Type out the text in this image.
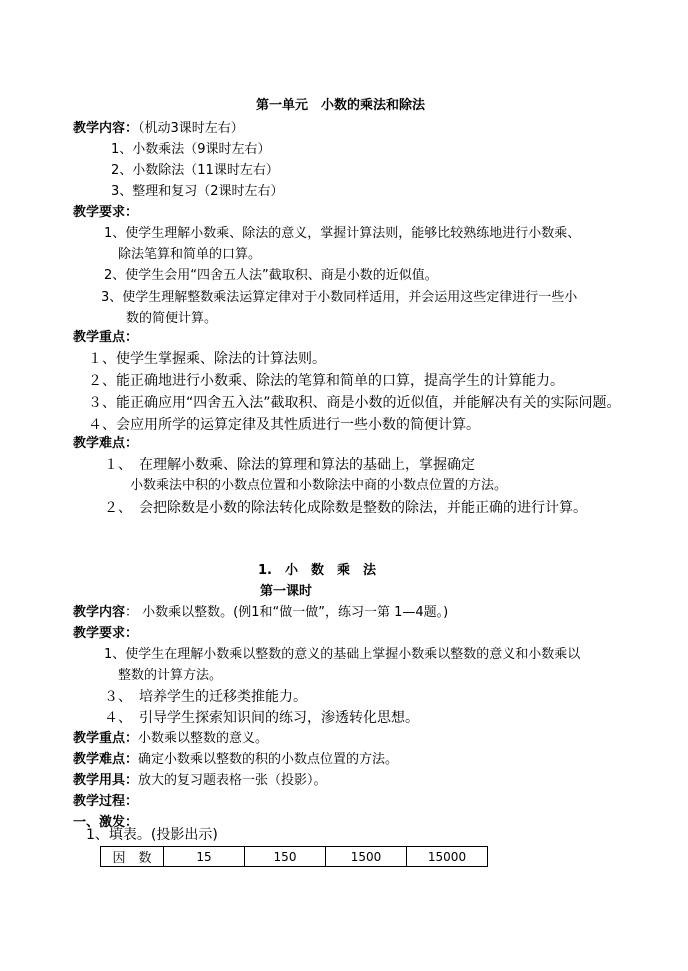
第一单元　小数的乘法和除法
教学内容：（机动3课时左右）
1、小数乘法（9课时左右）
2、小数除法（11课时左右）
3、整理和复习（2课时左右）
教学要求：
1、使学生理解小数乘、除法的意义，掌握计算法则，能够比较熟练地进行小数乘、
除法笔算和简单的口算。
2、使学生会用“四舍五人法”截取积、商是小数的近似值。
3、使学生理解整数乘法运算定律对于小数同样适用，并会运用这些定律进行一些小
数的简便计算。
教学重点：
１、使学生掌握乘、除法的计算法则。
２、能正确地进行小数乘、除法的笔算和简单的口算，提高学生的计算能力。
３、能正确应用“四舍五入法”截取积、商是小数的近似值，并能解决有关的实际问题。
４、会应用所学的运算定律及其性质进行一些小数的简便计算。
教学难点：
１、　在理解小数乘、除法的算理和算法的基础上，掌握确定
小数乘法中积的小数点位置和小数除法中商的小数点位置的方法。
２、　会把除数是小数的除法转化成除数是整数的除法，并能正确的进行计算。
1.　小　数　乘　法
第一课时
教学内容： 小数乘以整数。(例1和“做一做”，练习一第 1—4题。)
教学要求：
1、使学生在理解小数乘以整数的意义的基础上掌握小数乘以整数的意义和小数乘以
整数的计算方法。
３、　培养学生的迁移类推能力。
４、　引导学生探索知识间的练习，渗透转化思想。
教学重点：小数乘以整数的意义。
教学难点：确定小数乘以整数的积的小数点位置的方法。
教学用具：放大的复习题表格一张（投影）。
教学过程：
一、激发：
1、填表。(投影出示)
因　数	15	150	1500	15000
